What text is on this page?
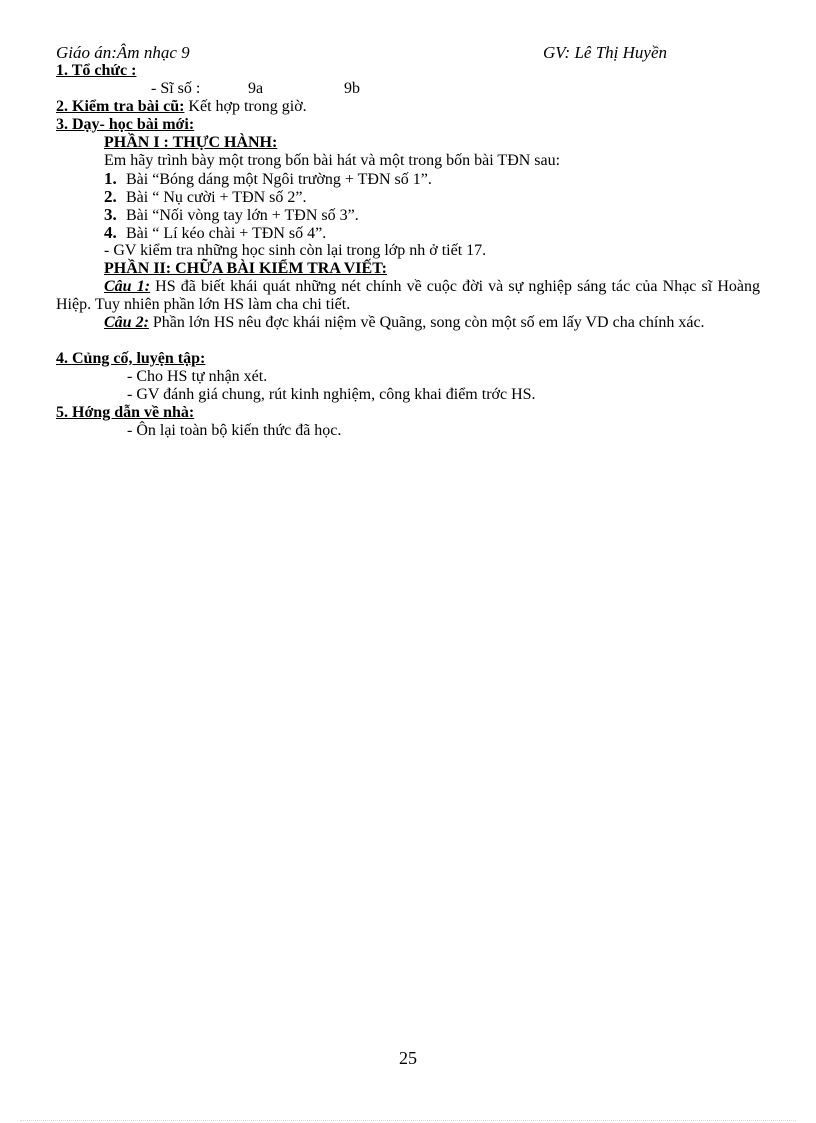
Giáo án:Âm nhạc 9	GV: Lê Thị Huyền
1. Tổ chức :
- Sĩ số :	9a	9b
2. Kiểm tra bài cũ: Kết hợp trong giờ.
3. Dạy- học bài mới:
PHẦN I : THỰC HÀNH:
Em hãy trình bày một trong bốn bài hát và một trong bốn bài TĐN sau:
1. Bài “Bóng dáng một Ngôi trường + TĐN số 1”.
2. Bài “ Nụ cười + TĐN số 2”.
3. Bài “Nối vòng tay lớn + TĐN số 3”.
4. Bài “ Lí kéo chài + TĐN số 4”.
- GV kiểm tra những học sinh còn lại trong lớp nh ở tiết 17.
PHẦN II: CHỮA BÀI KIỂM TRA VIẾT:
Câu 1: HS đã biết khái quát những nét chính về cuộc đời và sự nghiệp sáng tác của Nhạc sĩ Hoàng Hiệp. Tuy nhiên phần lớn HS làm cha chi tiết.
Câu 2: Phần lớn HS nêu đợc khái niệm về Quãng, song còn một số em lấy VD cha chính xác.
4. Củng cố, luyện tập:
- Cho HS tự nhận xét.
- GV đánh giá chung, rút kinh nghiệm, công khai điểm trớc HS.
5. Hớng dẫn về nhà:
- Ôn lại toàn bộ kiến thức đã học.
25
